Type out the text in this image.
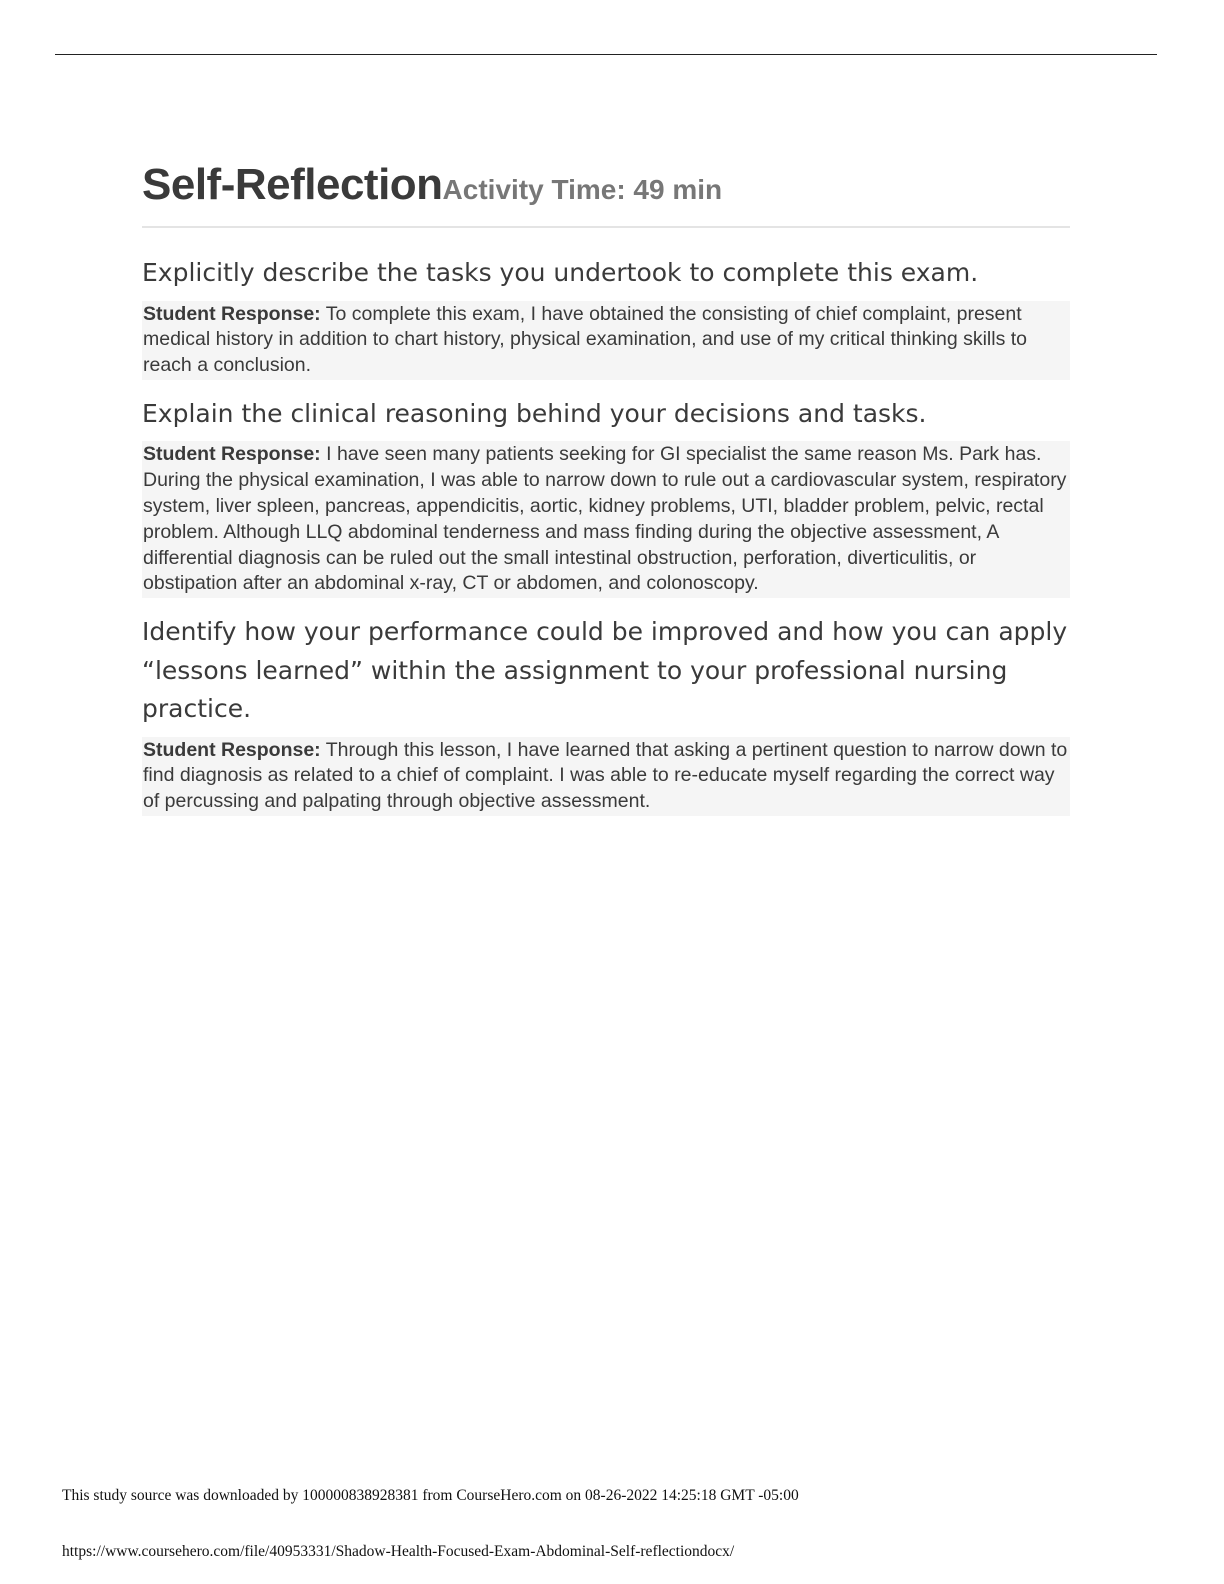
Self-ReflectionActivity Time: 49 min
Explicitly describe the tasks you undertook to complete this exam.
Student Response: To complete this exam, I have obtained the consisting of chief complaint, present medical history in addition to chart history, physical examination, and use of my critical thinking skills to reach a conclusion.
Explain the clinical reasoning behind your decisions and tasks.
Student Response: I have seen many patients seeking for GI specialist the same reason Ms. Park has. During the physical examination, I was able to narrow down to rule out a cardiovascular system, respiratory system, liver spleen, pancreas, appendicitis, aortic, kidney problems, UTI, bladder problem, pelvic, rectal problem. Although LLQ abdominal tenderness and mass finding during the objective assessment, A differential diagnosis can be ruled out the small intestinal obstruction, perforation, diverticulitis, or obstipation after an abdominal x-ray, CT or abdomen, and colonoscopy.
Identify how your performance could be improved and how you can apply “lessons learned” within the assignment to your professional nursing practice.
Student Response: Through this lesson, I have learned that asking a pertinent question to narrow down to find diagnosis as related to a chief of complaint. I was able to re-educate myself regarding the correct way of percussing and palpating through objective assessment.
This study source was downloaded by 100000838928381 from CourseHero.com on 08-26-2022 14:25:18 GMT -05:00
https://www.coursehero.com/file/40953331/Shadow-Health-Focused-Exam-Abdominal-Self-reflectiondocx/
